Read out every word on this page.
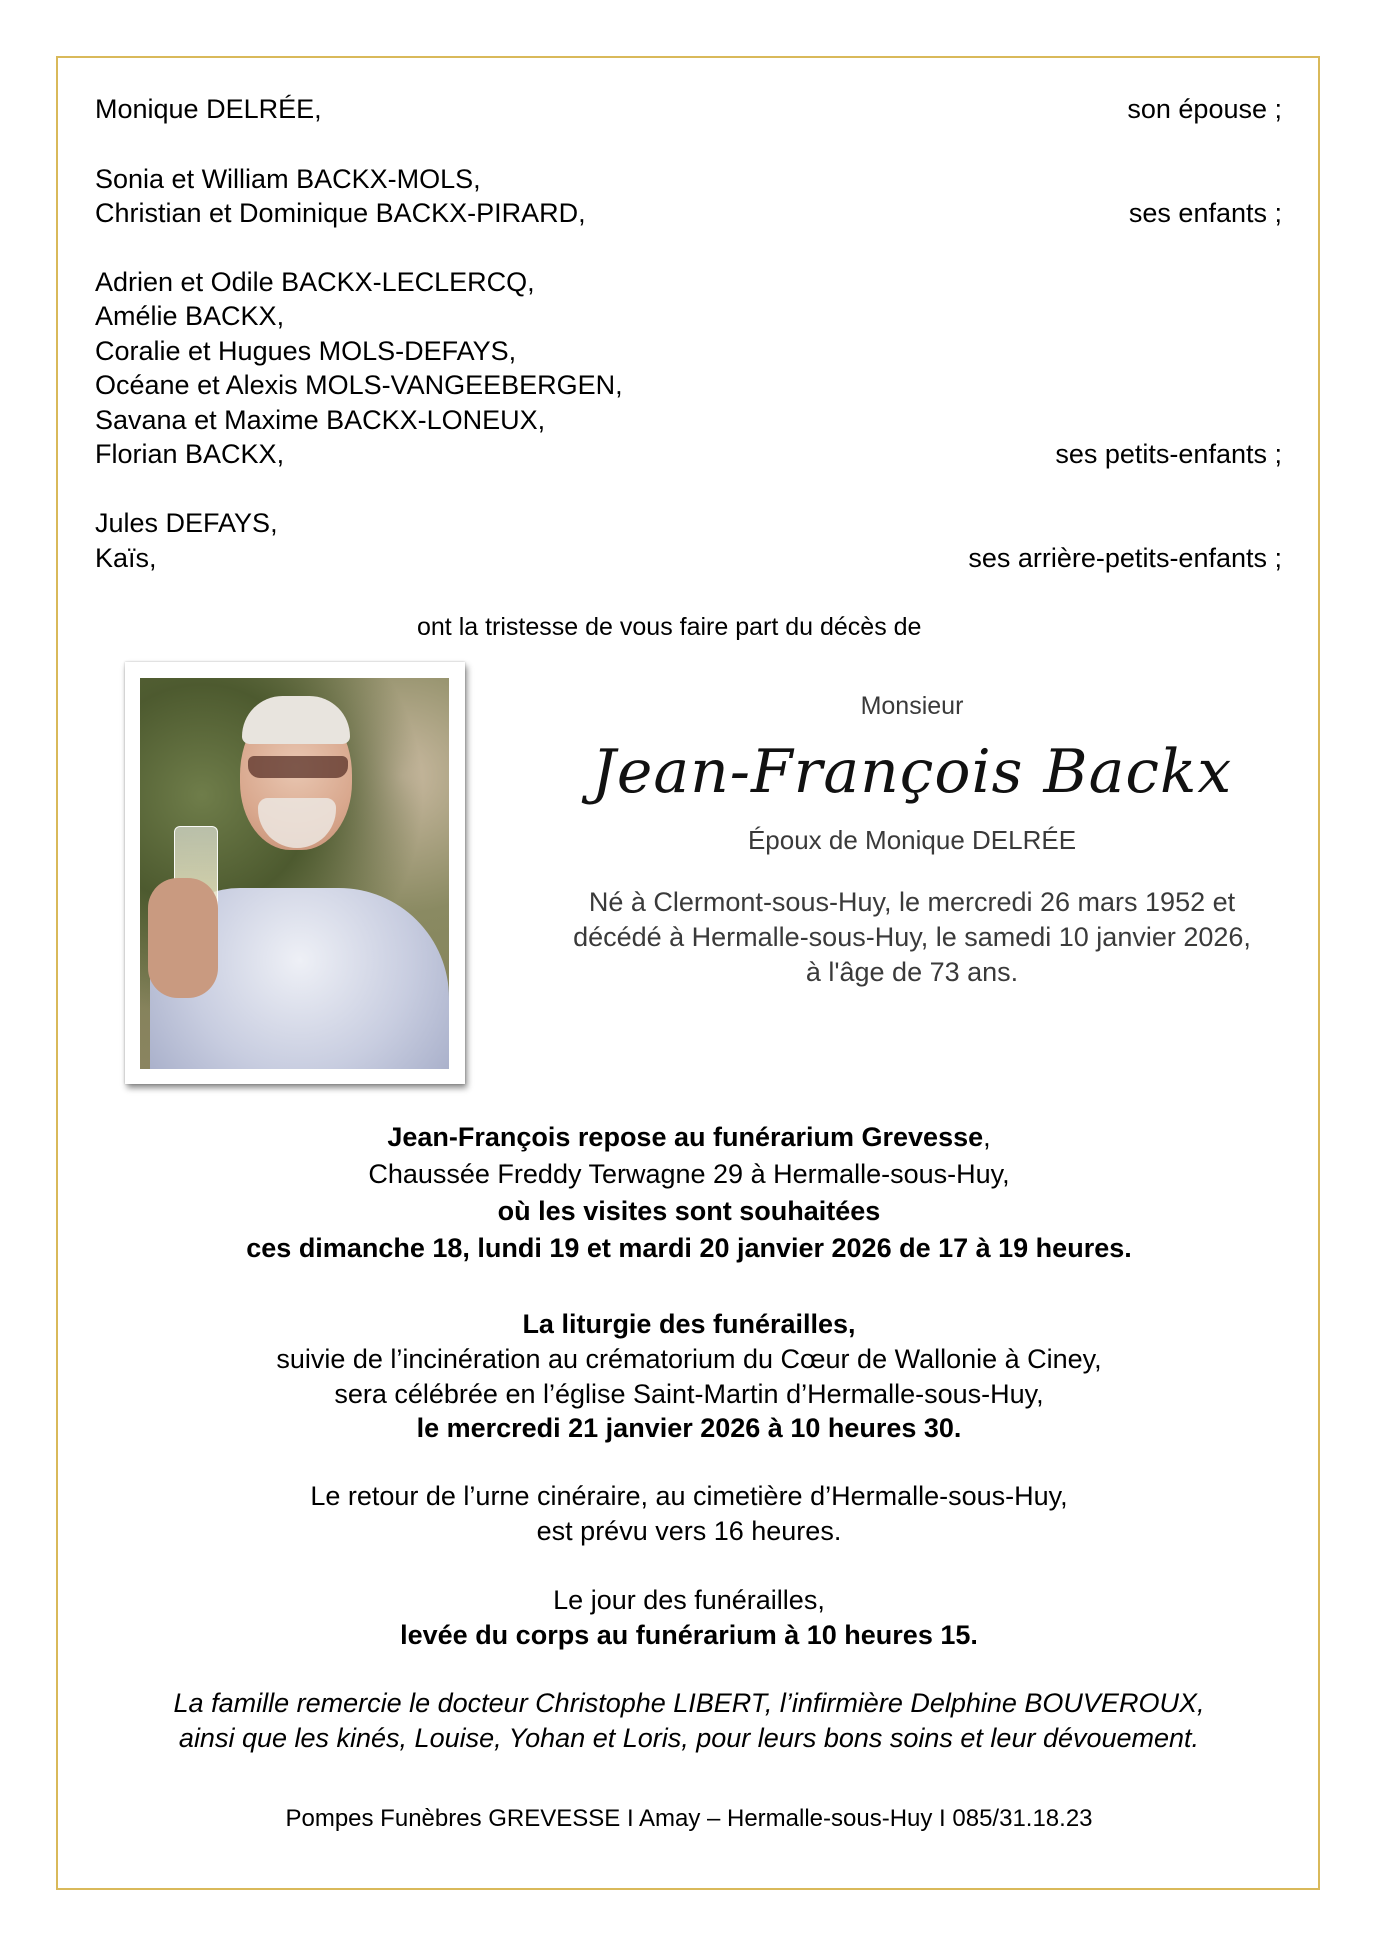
Monique DELRÉE,	son épouse ;
Sonia et William BACKX-MOLS,
Christian et Dominique BACKX-PIRARD,	ses enfants ;
Adrien et Odile BACKX-LECLERCQ,
Amélie BACKX,
Coralie et Hugues MOLS-DEFAYS,
Océane et Alexis MOLS-VANGEEBERGEN,
Savana et Maxime BACKX-LONEUX,
Florian BACKX,	ses petits-enfants ;
Jules DEFAYS,
Kaïs,	ses arrière-petits-enfants ;
ont la tristesse de vous faire part du décès de
Monsieur
Jean-François Backx
Époux de Monique DELRÉE
Né à Clermont-sous-Huy, le mercredi 26 mars 1952 et
décédé à Hermalle-sous-Huy, le samedi 10 janvier 2026,
à l'âge de 73 ans.
Jean-François repose au funérarium Grevesse,
Chaussée Freddy Terwagne 29 à Hermalle-sous-Huy,
où les visites sont souhaitées
ces dimanche 18, lundi 19 et mardi 20 janvier 2026 de 17 à 19 heures.
La liturgie des funérailles,
suivie de l’incinération au crématorium du Cœur de Wallonie à Ciney,
sera célébrée en l’église Saint-Martin d’Hermalle-sous-Huy,
le mercredi 21 janvier 2026 à 10 heures 30.
Le retour de l’urne cinéraire, au cimetière d’Hermalle-sous-Huy,
est prévu vers 16 heures.
Le jour des funérailles,
levée du corps au funérarium à 10 heures 15.
La famille remercie le docteur Christophe LIBERT, l’infirmière Delphine BOUVEROUX,
ainsi que les kinés, Louise, Yohan et Loris, pour leurs bons soins et leur dévouement.
Pompes Funèbres GREVESSE I Amay – Hermalle-sous-Huy I 085/31.18.23
